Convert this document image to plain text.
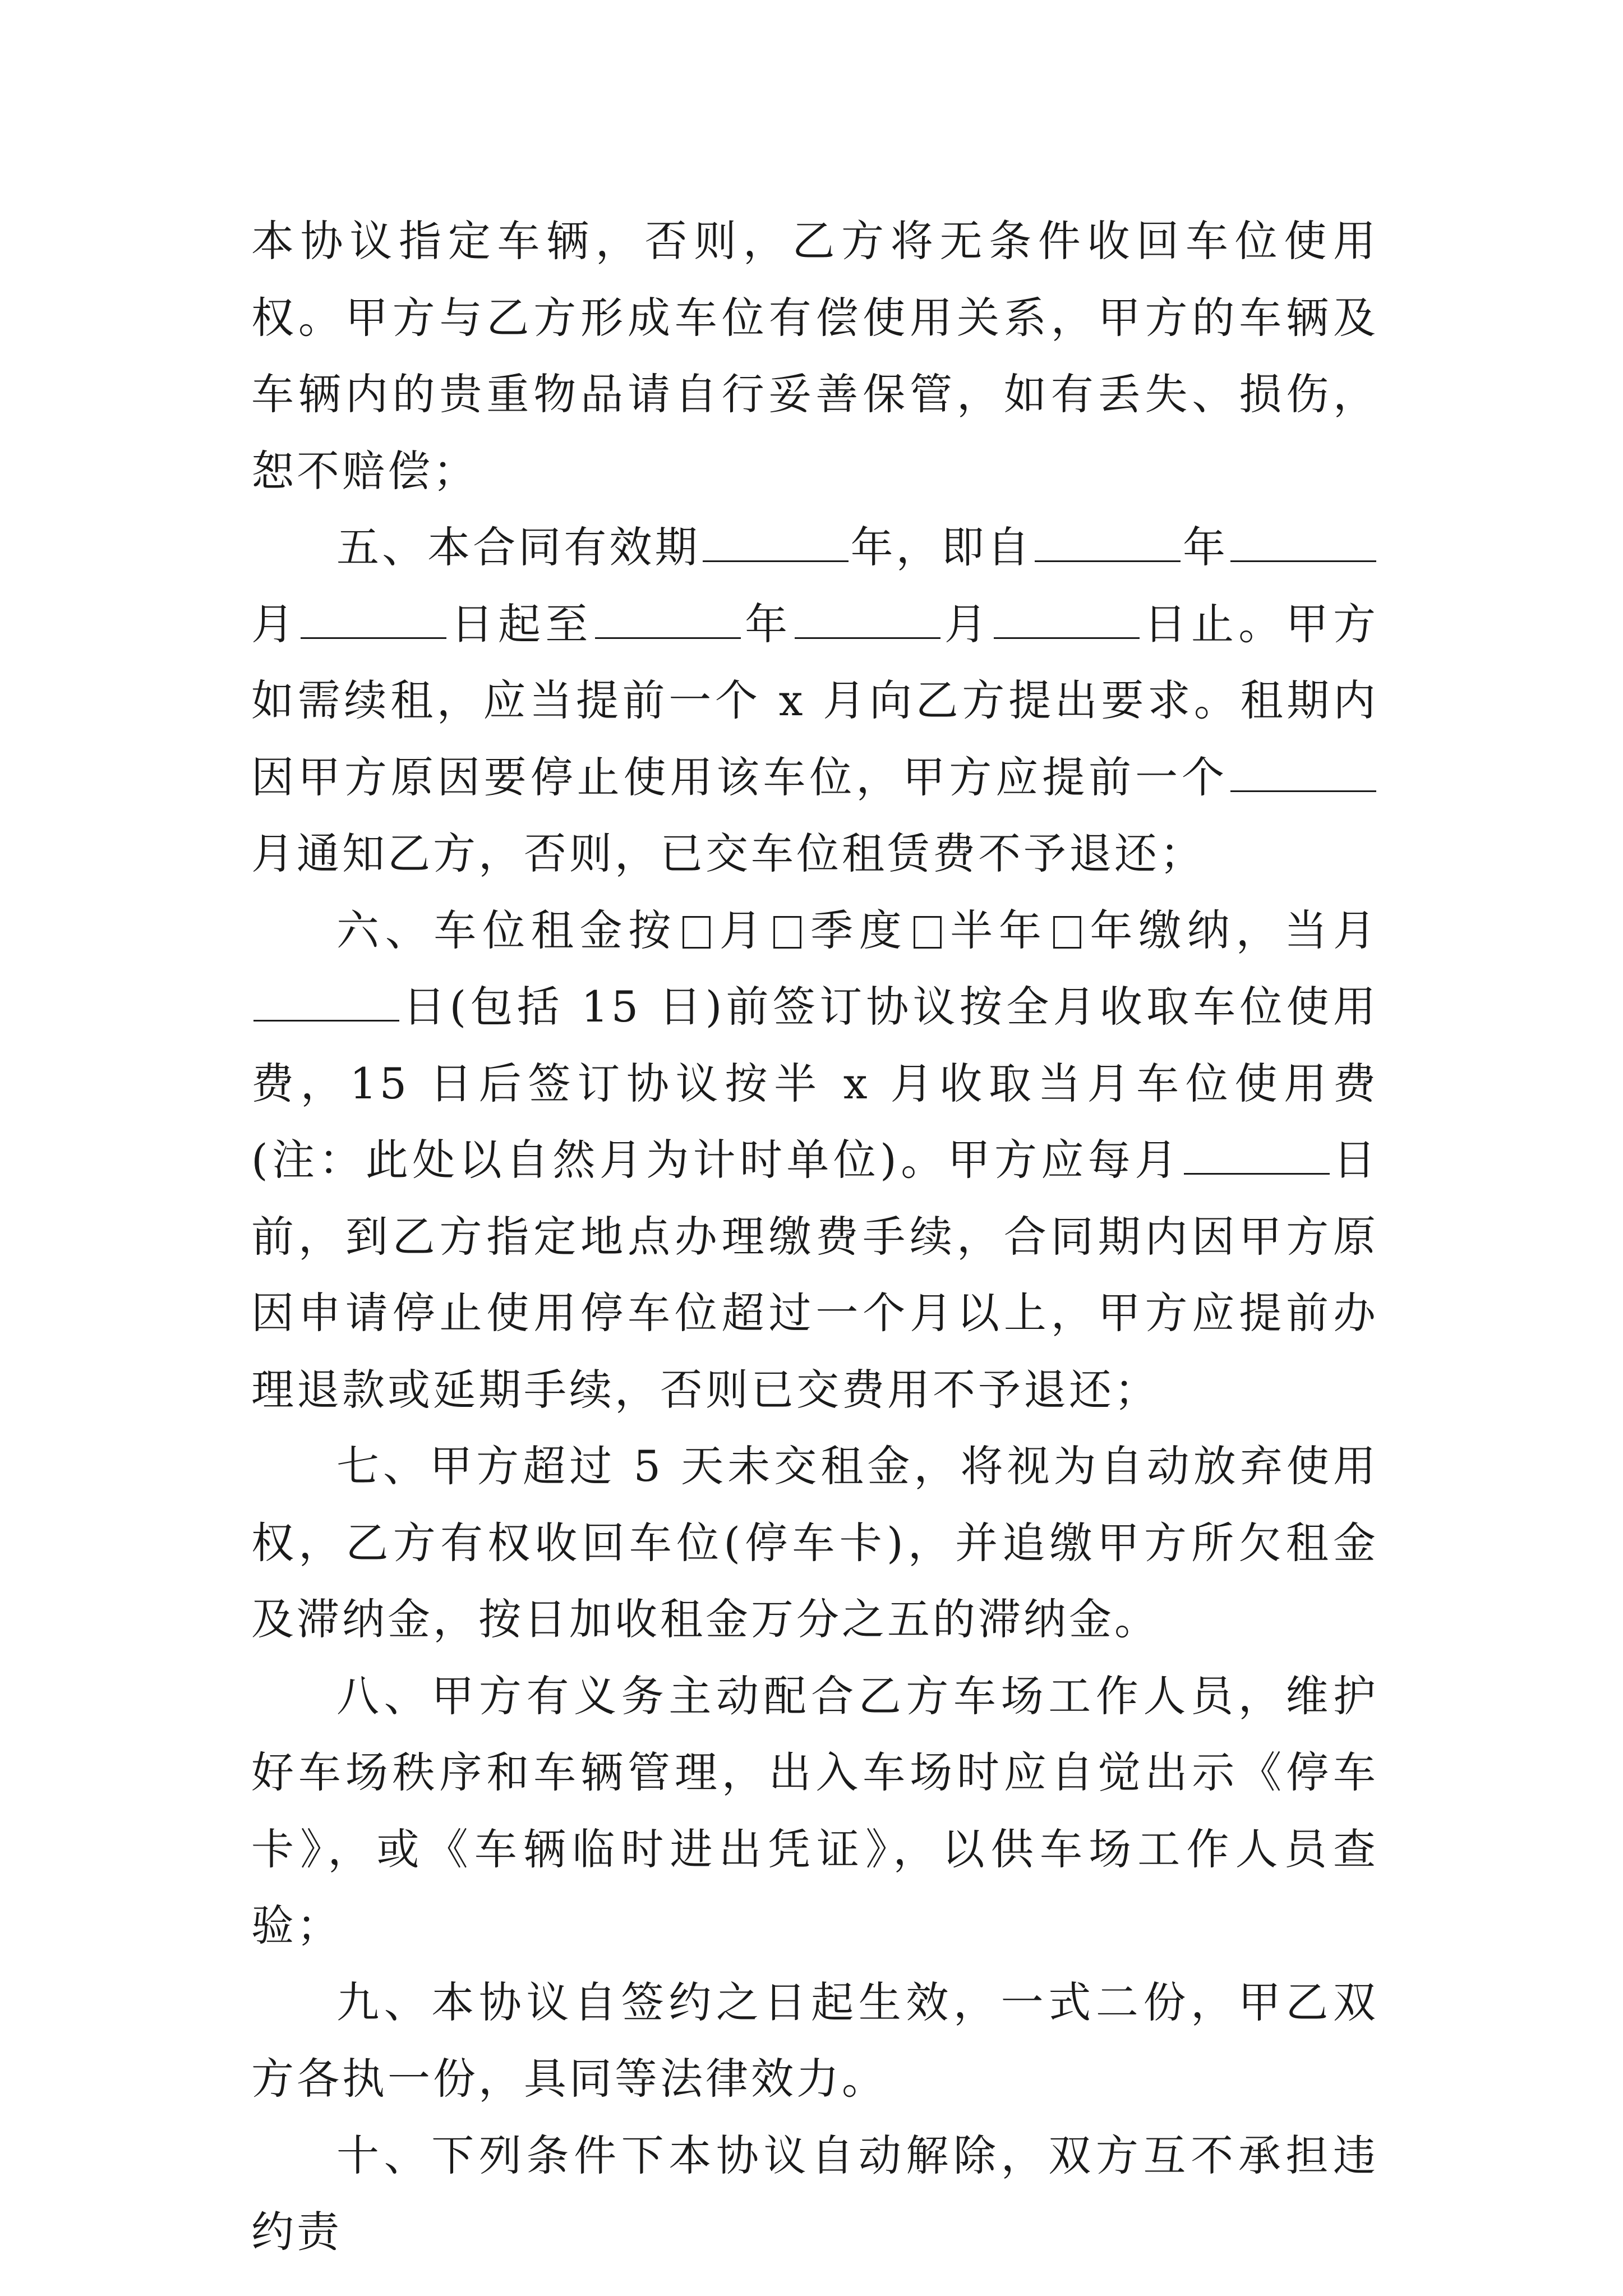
本协议指定车辆，否则，乙方将无条件收回车位使用权。甲方与乙方形成车位有偿使用关系，甲方的车辆及车辆内的贵重物品请自行妥善保管，如有丢失、损伤，恕不赔偿；

五、本合同有效期	年，即自	年月	日起至	年	月	日止。甲方如需续租，应当提前一个 x 月向乙方提出要求。租期内因甲方原因要停止使用该车位，甲方应提前一个月通知乙方，否则，已交车位租赁费不予退还；

六、车位租金按 月 季度 半年 年缴纳，当月日(包括 15 日)前签订协议按全月收取车位使用费，15 日后签订协议按半 x 月收取当月车位使用费(注：此处以自然月为计时单位)。甲方应每月	日前，到乙方指定地点办理缴费手续，合同期内因甲方原因申请停止使用停车位超过一个月以上，甲方应提前办理退款或延期手续，否则已交费用不予退还；

七、甲方超过 5 天未交租金，将视为自动放弃使用权，乙方有权收回车位(停车卡)，并追缴甲方所欠租金及滞纳金，按日加收租金万分之五的滞纳金。

八、甲方有义务主动配合乙方车场工作人员，维护好车场秩序和车辆管理，出入车场时应自觉出示《停车卡》，或《车辆临时进出凭证》，以供车场工作人员查验；

九、本协议自签约之日起生效，一式二份，甲乙双方各执一份，具同等法律效力。

十、下列条件下本协议自动解除，双方互不承担违约责
